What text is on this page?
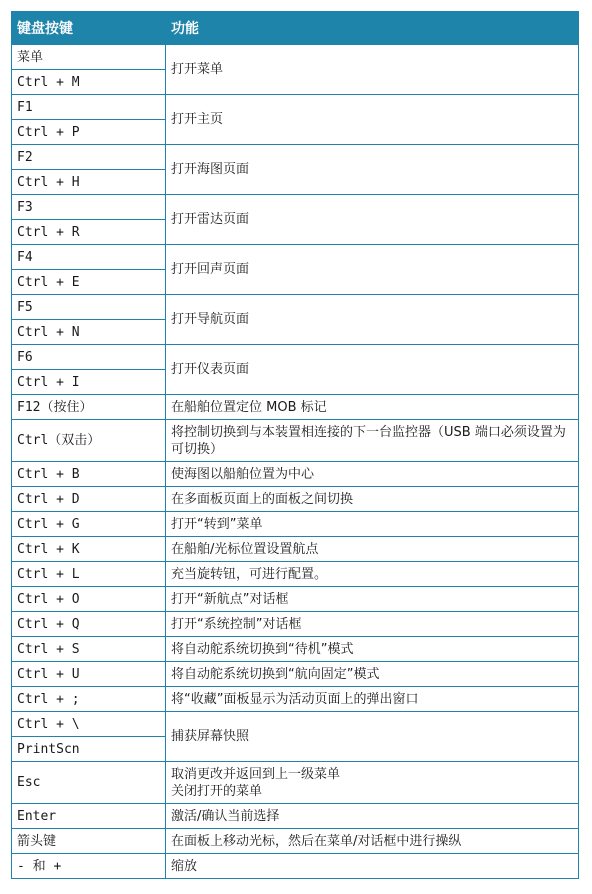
键盘按键	功能
菜单	打开菜单
Ctrl + M	
F1	打开主页
Ctrl + P	
F2	打开海图页面
Ctrl + H	
F3	打开雷达页面
Ctrl + R	
F4	打开回声页面
Ctrl + E	
F5	打开导航页面
Ctrl + N	
F6	打开仪表页面
Ctrl + I	
F12（按住）	在船舶位置定位 MOB 标记
Ctrl（双击）	将控制切换到与本装置相连接的下一台监控器（USB 端口必须设置为可切换）
Ctrl + B	使海图以船舶位置为中心
Ctrl + D	在多面板页面上的面板之间切换
Ctrl + G	打开“转到”菜单
Ctrl + K	在船舶/光标位置设置航点
Ctrl + L	充当旋转钮，可进行配置。
Ctrl + O	打开“新航点”对话框
Ctrl + Q	打开“系统控制”对话框
Ctrl + S	将自动舵系统切换到“待机”模式
Ctrl + U	将自动舵系统切换到“航向固定”模式
Ctrl + ;	将“收藏”面板显示为活动页面上的弹出窗口
Ctrl + \	捕获屏幕快照
PrintScn	
Esc	取消更改并返回到上一级菜单
关闭打开的菜单
Enter	激活/确认当前选择
箭头键	在面板上移动光标，然后在菜单/对话框中进行操纵
- 和 +	缩放
